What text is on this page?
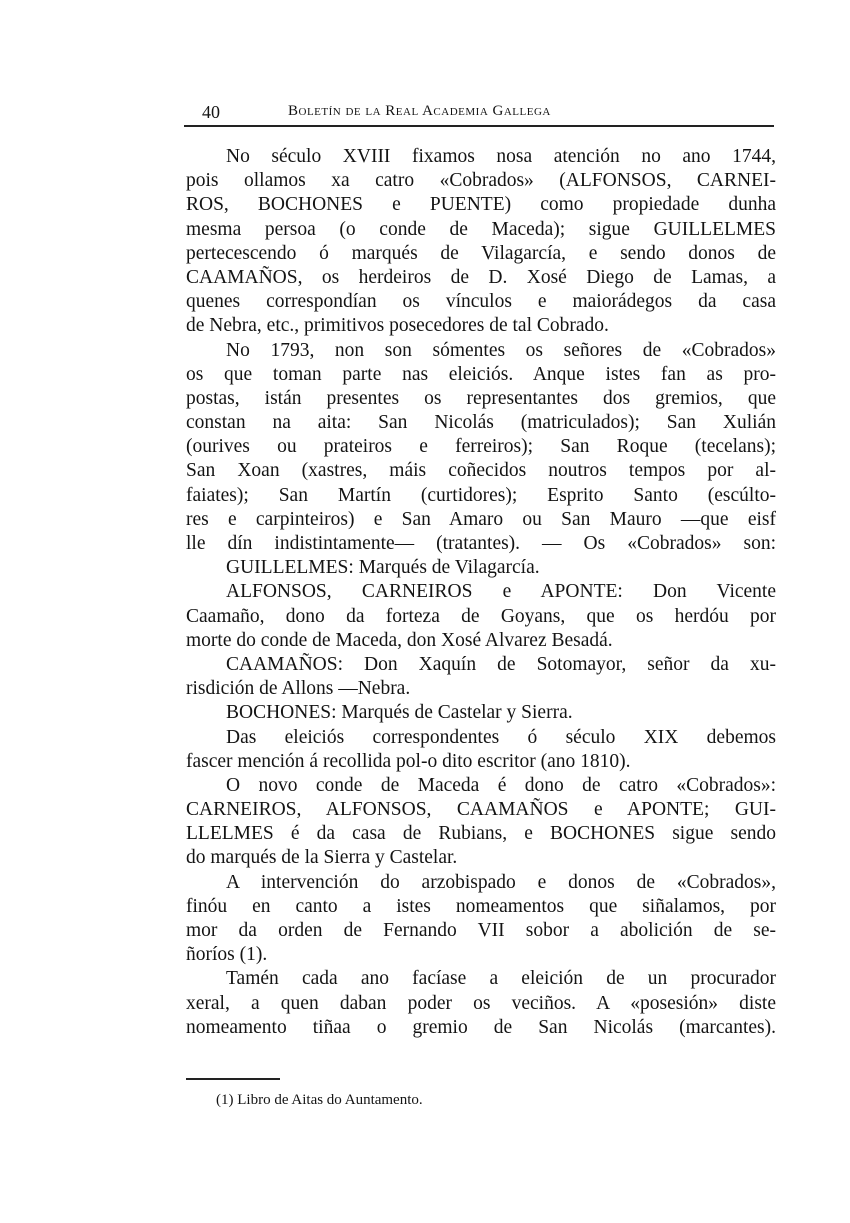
40	Boletín de la Real Academia Gallega
No século XVIII fixamos nosa atención no ano 1744,
pois ollamos xa catro «Cobrados» (ALFONSOS, CARNEI-
ROS, BOCHONES e PUENTE) como propiedade dunha
mesma persoa (o conde de Maceda); sigue GUILLELMES
pertecescendo ó marqués de Vilagarcía, e sendo donos de
CAAMAÑOS, os herdeiros de D. Xosé Diego de Lamas, a
quenes correspondían os vínculos e maiorádegos da casa
de Nebra, etc., primitivos posecedores de tal Cobrado.
No 1793, non son sómentes os señores de «Cobrados»
os que toman parte nas eleiciós. Anque istes fan as pro-
postas, istán presentes os representantes dos gremios, que
constan na aita: San Nicolás (matriculados); San Xulián
(ourives ou prateiros e ferreiros); San Roque (tecelans);
San Xoan (xastres, máis coñecidos noutros tempos por al-
faiates); San Martín (curtidores); Esprito Santo (escúlto-
res e carpinteiros) e San Amaro ou San Mauro —que eisf
lle dín indistintamente— (tratantes). — Os «Cobrados» son:
GUILLELMES: Marqués de Vilagarcía.
ALFONSOS, CARNEIROS e APONTE: Don Vicente
Caamaño, dono da forteza de Goyans, que os herdóu por
morte do conde de Maceda, don Xosé Alvarez Besadá.
CAAMAÑOS: Don Xaquín de Sotomayor, señor da xu-
risdición de Allons —Nebra.
BOCHONES: Marqués de Castelar y Sierra.
Das eleiciós correspondentes ó século XIX debemos
fascer mención á recollida pol-o dito escritor (ano 1810).
O novo conde de Maceda é dono de catro «Cobrados»:
CARNEIROS, ALFONSOS, CAAMAÑOS e APONTE; GUI-
LLELMES é da casa de Rubians, e BOCHONES sigue sendo
do marqués de la Sierra y Castelar.
A intervención do arzobispado e donos de «Cobrados»,
finóu en canto a istes nomeamentos que siñalamos, por
mor da orden de Fernando VII sobor a abolición de se-
ñoríos (1).
Tamén cada ano facíase a eleición de un procurador
xeral, a quen daban poder os veciños. A «posesión» diste
nomeamento tiñaa o gremio de San Nicolás (marcantes).
(1) Libro de Aitas do Auntamento.
